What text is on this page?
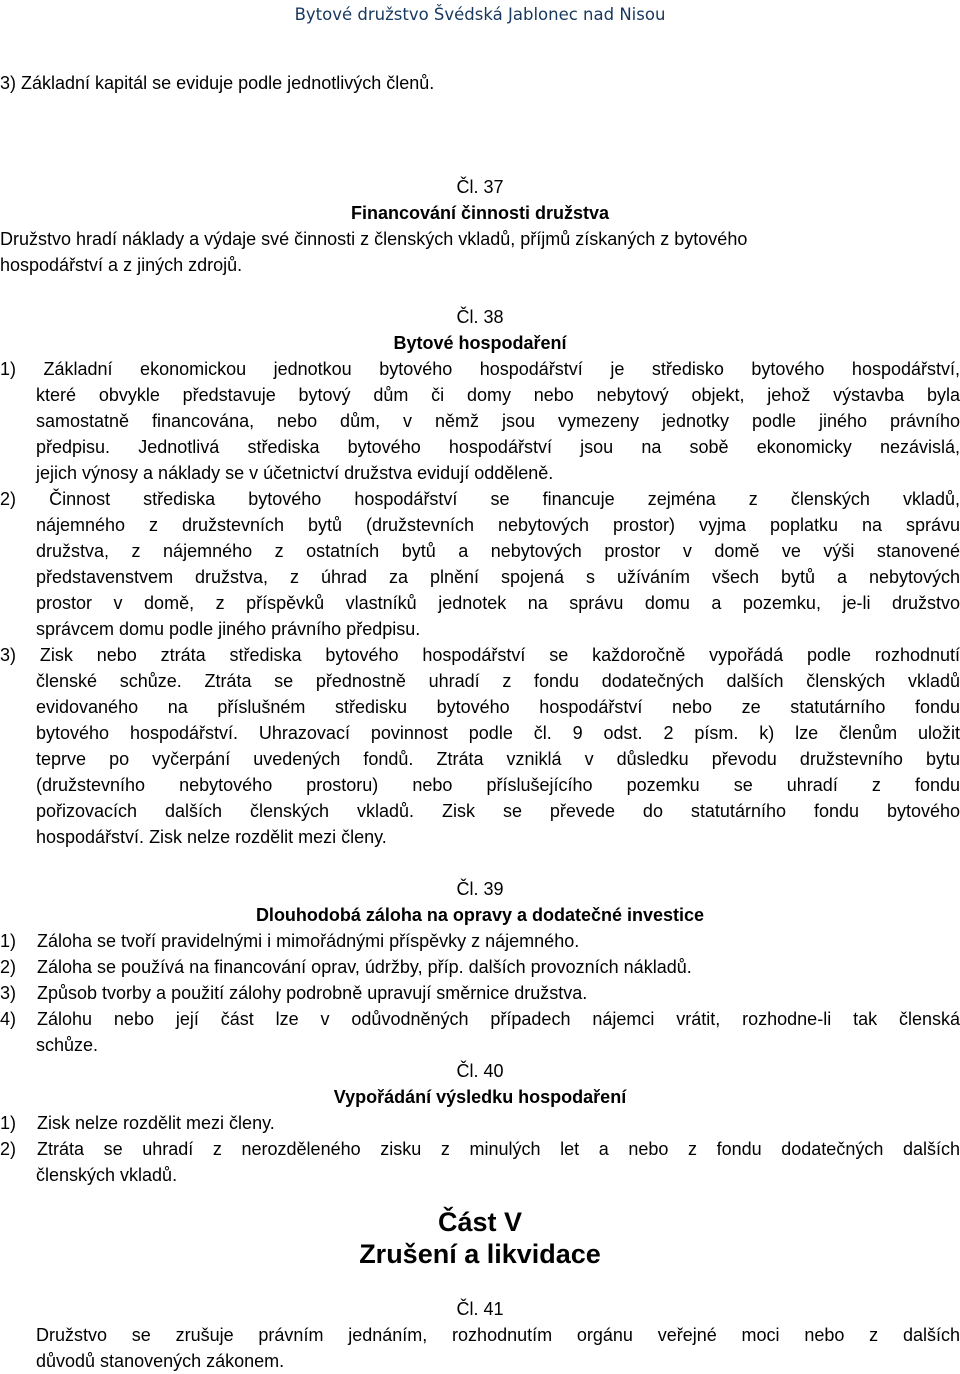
Bytové družstvo Švédská Jablonec nad Nisou
3) Základní kapitál se eviduje podle jednotlivých členů.
Čl. 37
Financování činnosti družstva
Družstvo hradí náklady a výdaje své činnosti z členských vkladů, příjmů získaných z bytového
hospodářství a z jiných zdrojů.
Čl. 38
Bytové hospodaření
1) Základní ekonomickou jednotkou bytového hospodářství je středisko bytového hospodářství,
které obvykle představuje bytový dům či domy nebo nebytový objekt, jehož výstavba byla
samostatně financována, nebo dům, v němž jsou vymezeny jednotky podle jiného právního
předpisu. Jednotlivá střediska bytového hospodářství jsou na sobě ekonomicky nezávislá,
jejich výnosy a náklady se v účetnictví družstva evidují odděleně.
2) Činnost střediska bytového hospodářství se financuje zejména z členských vkladů,
nájemného z družstevních bytů (družstevních nebytových prostor) vyjma poplatku na správu
družstva, z nájemného z ostatních bytů a nebytových prostor v domě ve výši stanovené
představenstvem družstva, z úhrad za plnění spojená s užíváním všech bytů a nebytových
prostor v domě, z příspěvků vlastníků jednotek na správu domu a pozemku, je-li družstvo
správcem domu podle jiného právního předpisu.
3) Zisk nebo ztráta střediska bytového hospodářství se každoročně vypořádá podle rozhodnutí
členské schůze. Ztráta se přednostně uhradí z fondu dodatečných dalších členských vkladů
evidovaného na příslušném středisku bytového hospodářství nebo ze statutárního fondu
bytového hospodářství. Uhrazovací povinnost podle čl. 9 odst. 2 písm. k) lze členům uložit
teprve po vyčerpání uvedených fondů. Ztráta vzniklá v důsledku převodu družstevního bytu
(družstevního nebytového prostoru) nebo příslušejícího pozemku se uhradí z fondu
pořizovacích dalších členských vkladů. Zisk se převede do statutárního fondu bytového
hospodářství. Zisk nelze rozdělit mezi členy.
Čl. 39
Dlouhodobá záloha na opravy a dodatečné investice
1) Záloha se tvoří pravidelnými i mimořádnými příspěvky z nájemného.
2) Záloha se používá na financování oprav, údržby, příp. dalších provozních nákladů.
3) Způsob tvorby a použití zálohy podrobně upravují směrnice družstva.
4) Zálohu nebo její část lze v odůvodněných případech nájemci vrátit, rozhodne-li tak členská
schůze.
Čl. 40
Vypořádání výsledku hospodaření
1) Zisk nelze rozdělit mezi členy.
2) Ztráta se uhradí z nerozděleného zisku z minulých let a nebo z fondu dodatečných dalších
členských vkladů.
Část V
Zrušení a likvidace
Čl. 41
Družstvo se zrušuje právním jednáním, rozhodnutím orgánu veřejné moci nebo z dalších
důvodů stanovených zákonem.
